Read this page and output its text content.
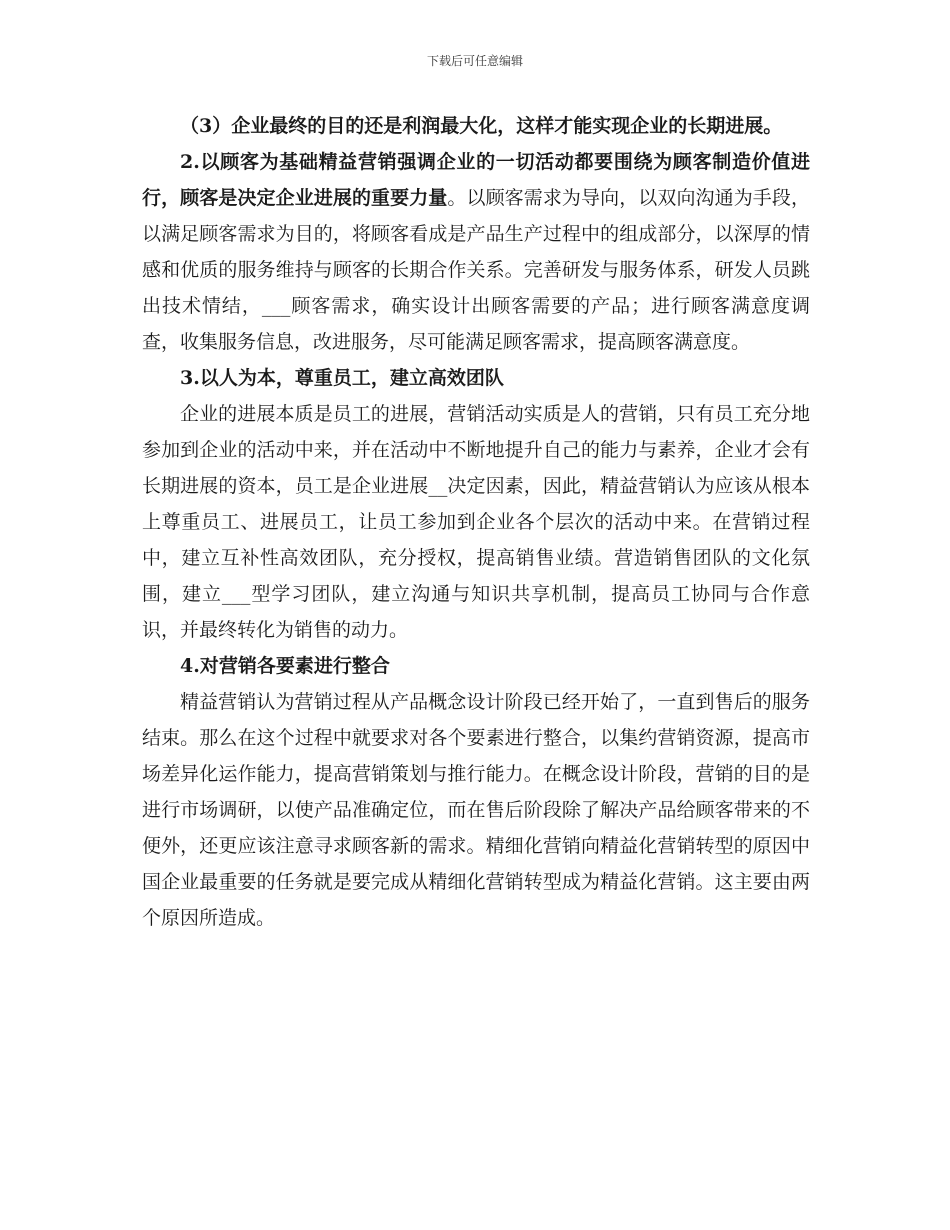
下载后可任意编辑

（3）企业最终的目的还是利润最大化，这样才能实现企业的长期进展。

2.以顾客为基础精益营销强调企业的一切活动都要围绕为顾客制造价值进行，顾客是决定企业进展的重要力量。以顾客需求为导向，以双向沟通为手段，以满足顾客需求为目的，将顾客看成是产品生产过程中的组成部分，以深厚的情感和优质的服务维持与顾客的长期合作关系。完善研发与服务体系，研发人员跳出技术情结，___顾客需求，确实设计出顾客需要的产品；进行顾客满意度调查，收集服务信息，改进服务，尽可能满足顾客需求，提高顾客满意度。

3.以人为本，尊重员工，建立高效团队

企业的进展本质是员工的进展，营销活动实质是人的营销，只有员工充分地参加到企业的活动中来，并在活动中不断地提升自己的能力与素养，企业才会有长期进展的资本，员工是企业进展__决定因素，因此，精益营销认为应该从根本上尊重员工、进展员工，让员工参加到企业各个层次的活动中来。在营销过程中，建立互补性高效团队，充分授权，提高销售业绩。营造销售团队的文化氛围，建立___型学习团队，建立沟通与知识共享机制，提高员工协同与合作意识，并最终转化为销售的动力。

4.对营销各要素进行整合

精益营销认为营销过程从产品概念设计阶段已经开始了，一直到售后的服务结束。那么在这个过程中就要求对各个要素进行整合，以集约营销资源，提高市场差异化运作能力，提高营销策划与推行能力。在概念设计阶段，营销的目的是进行市场调研，以使产品准确定位，而在售后阶段除了解决产品给顾客带来的不便外，还更应该注意寻求顾客新的需求。精细化营销向精益化营销转型的原因中国企业最重要的任务就是要完成从精细化营销转型成为精益化营销。这主要由两个原因所造成。
